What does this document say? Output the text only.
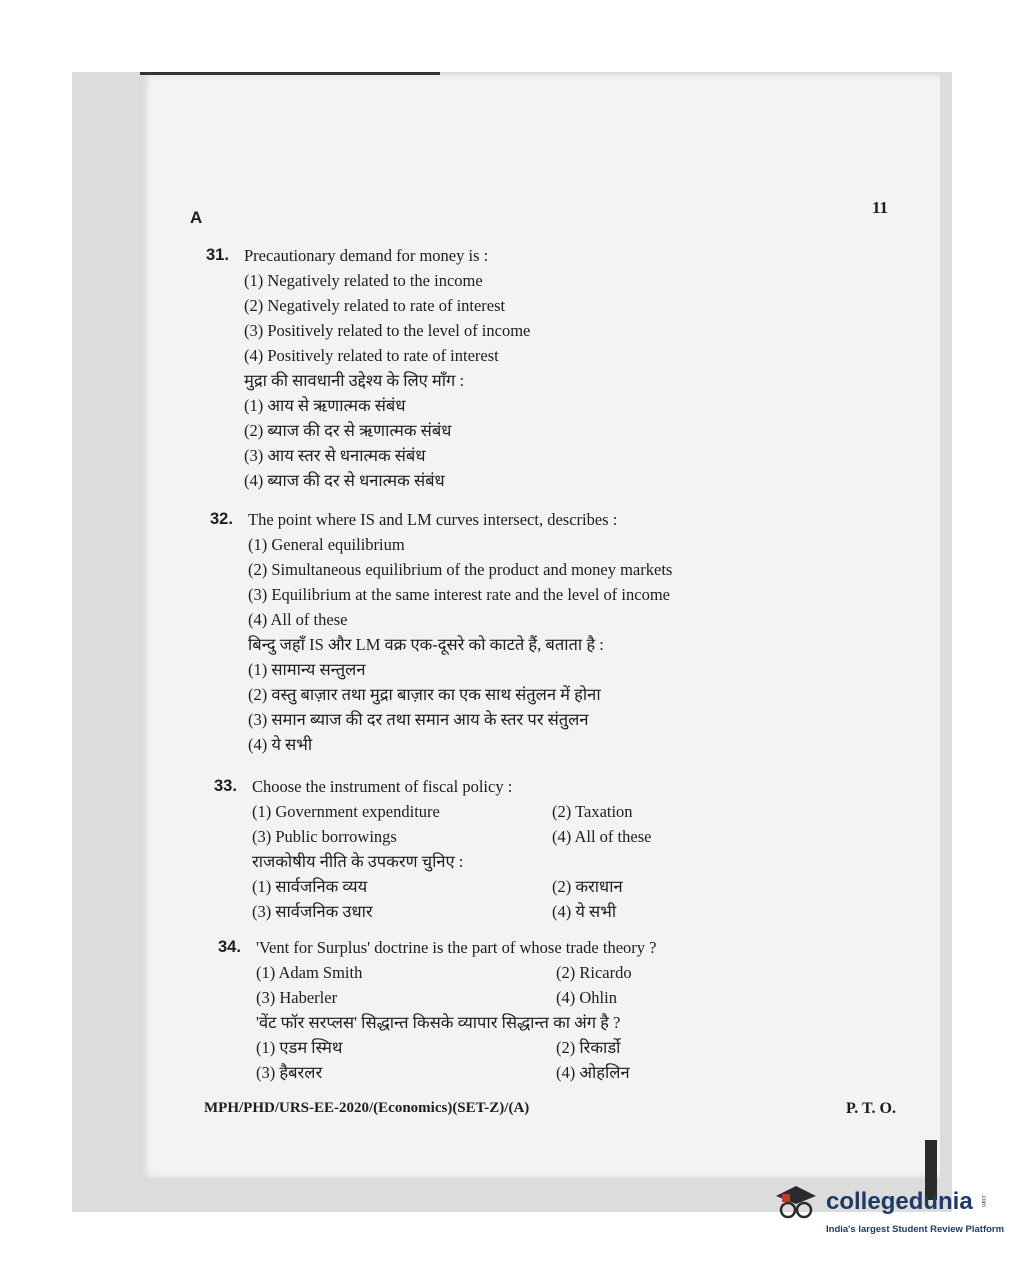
A
11
31. Precautionary demand for money is :
(1) Negatively related to the income
(2) Negatively related to rate of interest
(3) Positively related to the level of income
(4) Positively related to rate of interest
मुद्रा की सावधानी उद्देश्य के लिए माँग :
(1) आय से ऋणात्मक संबंध
(2) ब्याज की दर से ऋणात्मक संबंध
(3) आय स्तर से धनात्मक संबंध
(4) ब्याज की दर से धनात्मक संबंध
32. The point where IS and LM curves intersect, describes :
(1) General equilibrium
(2) Simultaneous equilibrium of the product and money markets
(3) Equilibrium at the same interest rate and the level of income
(4) All of these
बिन्दु जहाँ IS और LM वक्र एक-दूसरे को काटते हैं, बताता है :
(1) सामान्य सन्तुलन
(2) वस्तु बाज़ार तथा मुद्रा बाज़ार का एक साथ संतुलन में होना
(3) समान ब्याज की दर तथा समान आय के स्तर पर संतुलन
(4) ये सभी
33. Choose the instrument of fiscal policy :
(1) Government expenditure	(2) Taxation
(3) Public borrowings	(4) All of these
राजकोषीय नीति के उपकरण चुनिए :
(1) सार्वजनिक व्यय	(2) कराधान
(3) सार्वजनिक उधार	(4) ये सभी
34. 'Vent for Surplus' doctrine is the part of whose trade theory ?
(1) Adam Smith	(2) Ricardo
(3) Haberler	(4) Ohlin
'वेंट फॉर सरप्लस' सिद्धान्त किसके व्यापार सिद्धान्त का अंग है ?
(1) एडम स्मिथ	(2) रिकार्डो
(3) हैबरलर	(4) ओहलिन
MPH/PHD/URS-EE-2020/(Economics)(SET-Z)/(A)	P. T. O.
collegedunia
India's largest Student Review Platform
.com
